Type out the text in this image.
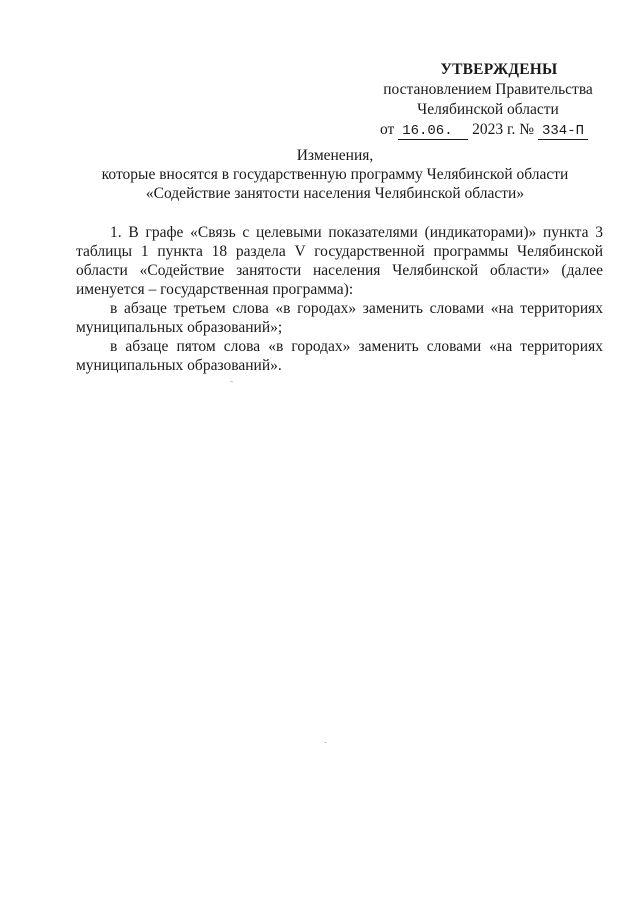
УТВЕРЖДЕНЫ
постановлением Правительства
Челябинской области
от 16.06. 2023 г. № 334-П
Изменения,
которые вносятся в государственную программу Челябинской области
«Содействие занятости населения Челябинской области»

1. В графе «Связь с целевыми показателями (индикаторами)» пункта 3 таблицы 1 пункта 18 раздела V государственной программы Челябинской области «Содействие занятости населения Челябинской области» (далее именуется – государственная программа):

в абзаце третьем слова «в городах» заменить словами «на территориях муниципальных образований»;

в абзаце пятом слова «в городах» заменить словами «на территориях муниципальных образований».
